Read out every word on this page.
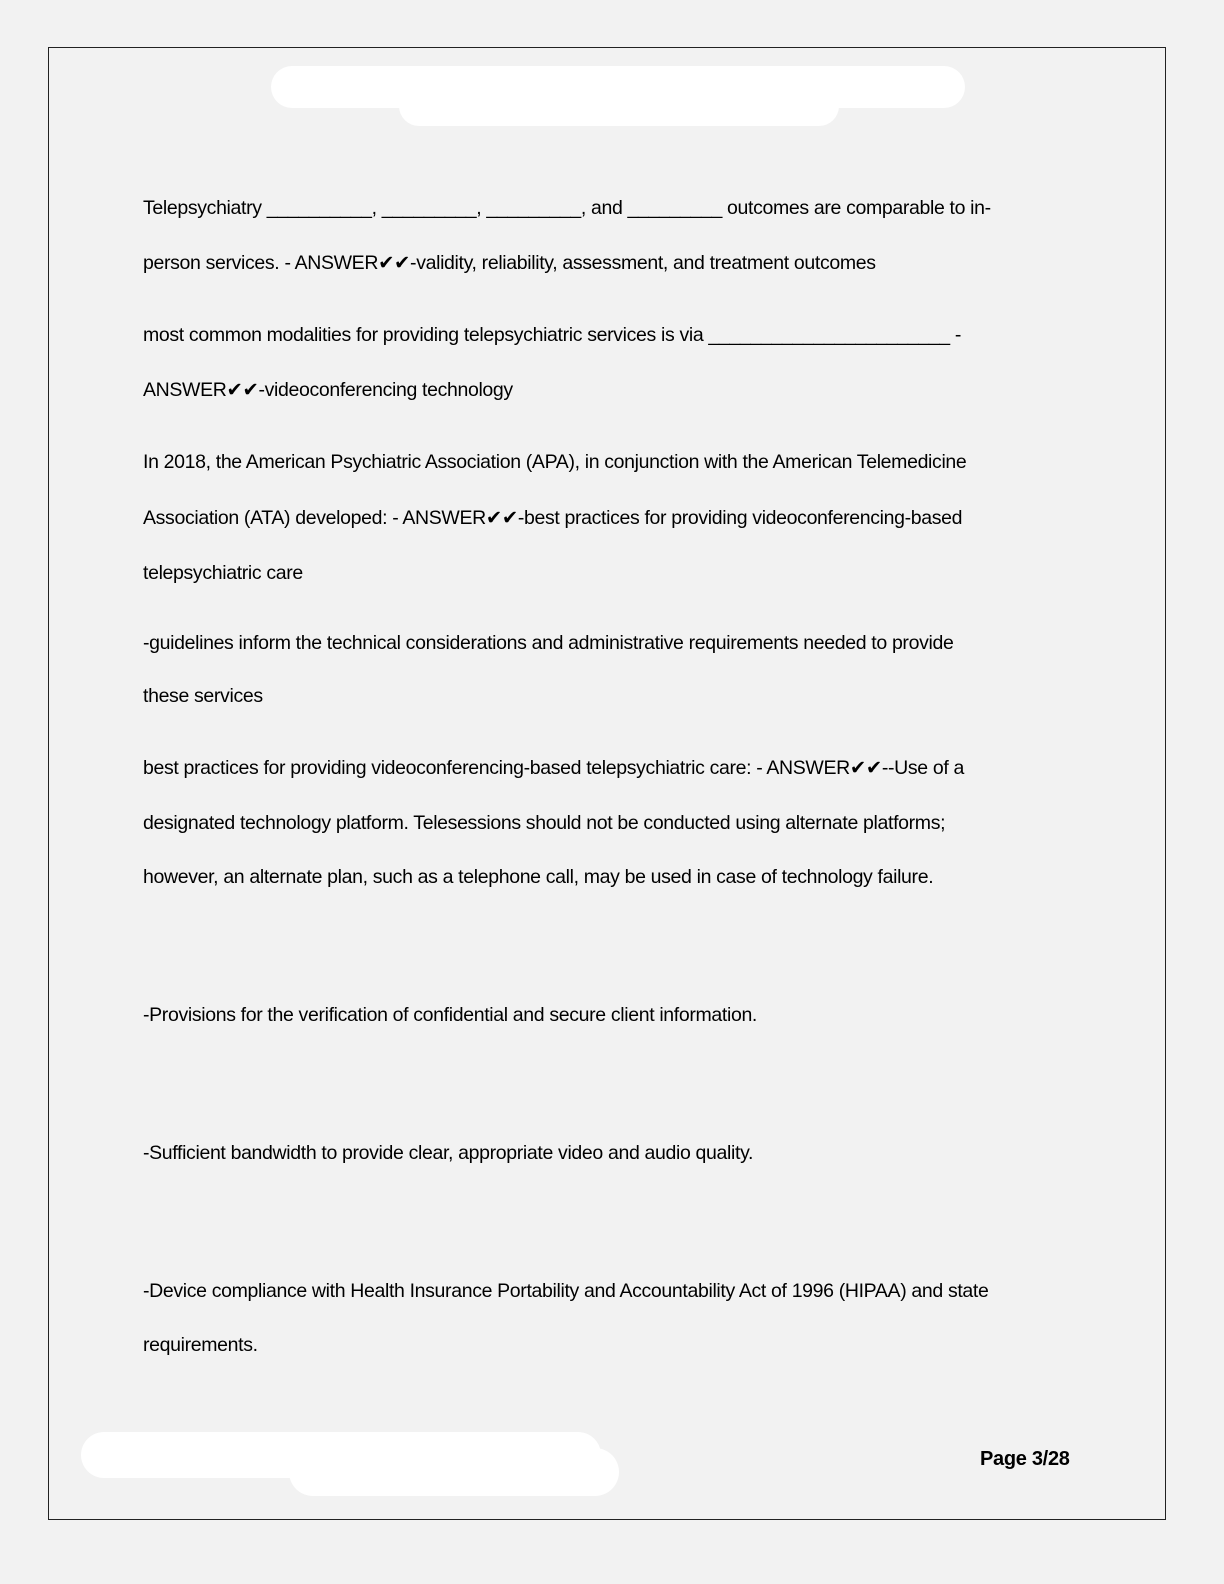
Telepsychiatry __________, _________, _________, and _________ outcomes are comparable to in-
person services. - ANSWER✔✔-validity, reliability, assessment, and treatment outcomes
most common modalities for providing telepsychiatric services is via _______________________ -
ANSWER✔✔-videoconferencing technology
In 2018, the American Psychiatric Association (APA), in conjunction with the American Telemedicine
Association (ATA) developed: - ANSWER✔✔-best practices for providing videoconferencing-based
telepsychiatric care
-guidelines inform the technical considerations and administrative requirements needed to provide
these services
best practices for providing videoconferencing-based telepsychiatric care: - ANSWER✔✔--Use of a
designated technology platform. Telesessions should not be conducted using alternate platforms;
however, an alternate plan, such as a telephone call, may be used in case of technology failure.
-Provisions for the verification of confidential and secure client information.
-Sufficient bandwidth to provide clear, appropriate video and audio quality.
-Device compliance with Health Insurance Portability and Accountability Act of 1996 (HIPAA) and state
requirements.
Page 3/28
